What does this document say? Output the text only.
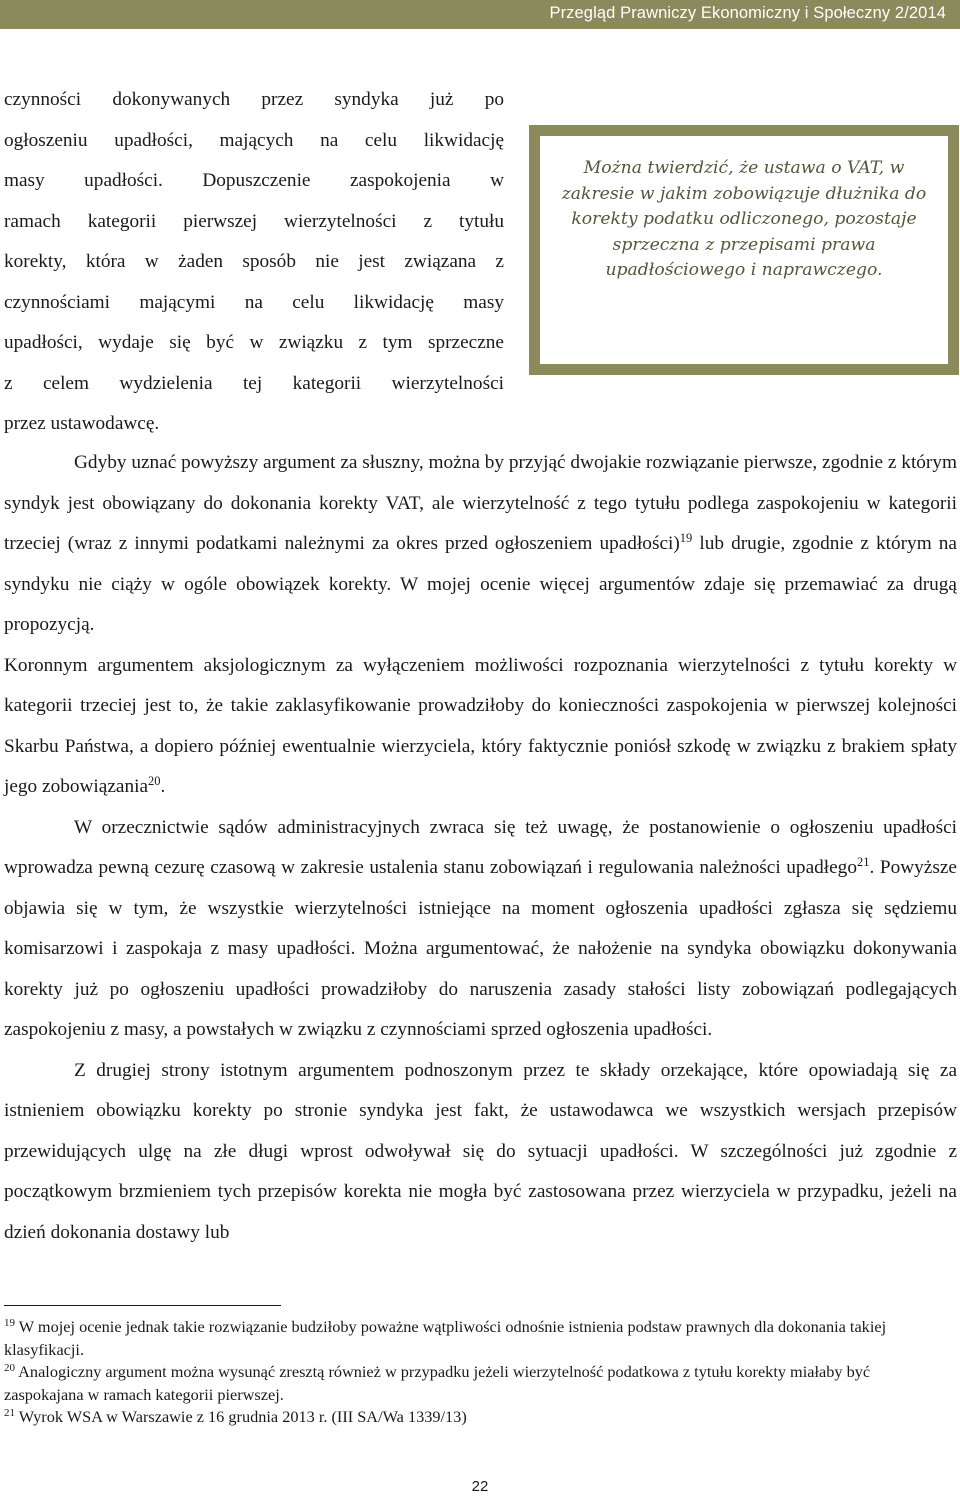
Przegląd Prawniczy Ekonomiczny i Społeczny 2/2014
czynności dokonywanych przez syndyka już po
ogłoszeniu upadłości, mających na celu likwidację
masy upadłości. Dopuszczenie zaspokojenia w
ramach kategorii pierwszej wierzytelności z tytułu
korekty, która w żaden sposób nie jest związana z
czynnościami mającymi na celu likwidację masy
upadłości, wydaje się być w związku z tym sprzeczne
z celem wydzielenia tej kategorii wierzytelności
przez ustawodawcę.
Można twierdzić, że ustawa o VAT, w zakresie w jakim zobowiązuje dłużnika do korekty podatku odliczonego, pozostaje sprzeczna z przepisami prawa upadłościowego i naprawczego.

Gdyby uznać powyższy argument za słuszny, można by przyjąć dwojakie rozwiązanie pierwsze, zgodnie z którym syndyk jest obowiązany do dokonania korekty VAT, ale wierzytelność z tego tytułu podlega zaspokojeniu w kategorii trzeciej (wraz z innymi podatkami należnymi za okres przed ogłoszeniem upadłości)$^{19}$ lub drugie, zgodnie z którym na syndyku nie ciąży w ogóle obowiązek korekty. W mojej ocenie więcej argumentów zdaje się przemawiać za drugą propozycją.

Koronnym argumentem aksjologicznym za wyłączeniem możliwości rozpoznania wierzytelności z tytułu korekty w kategorii trzeciej jest to, że takie zaklasyfikowanie prowadziłoby do konieczności zaspokojenia w pierwszej kolejności Skarbu Państwa, a dopiero później ewentualnie wierzyciela, który faktycznie poniósł szkodę w związku z brakiem spłaty jego zobowiązania$^{20}$.

W orzecznictwie sądów administracyjnych zwraca się też uwagę, że postanowienie o ogłoszeniu upadłości wprowadza pewną cezurę czasową w zakresie ustalenia stanu zobowiązań i regulowania należności upadłego$^{21}$. Powyższe objawia się w tym, że wszystkie wierzytelności istniejące na moment ogłoszenia upadłości zgłasza się sędziemu komisarzowi i zaspokaja z masy upadłości. Można argumentować, że nałożenie na syndyka obowiązku dokonywania korekty już po ogłoszeniu upadłości prowadziłoby do naruszenia zasady stałości listy zobowiązań podlegających zaspokojeniu z masy, a powstałych w związku z czynnościami sprzed ogłoszenia upadłości.

Z drugiej strony istotnym argumentem podnoszonym przez te składy orzekające, które opowiadają się za istnieniem obowiązku korekty po stronie syndyka jest fakt, że ustawodawca we wszystkich wersjach przepisów przewidujących ulgę na złe długi wprost odwoływał się do sytuacji upadłości. W szczególności już zgodnie z początkowym brzmieniem tych przepisów korekta nie mogła być zastosowana przez wierzyciela w przypadku, jeżeli na dzień dokonania dostawy lub

$^{19}$ W mojej ocenie jednak takie rozwiązanie budziłoby poważne wątpliwości odnośnie istnienia podstaw prawnych dla dokonania takiej klasyfikacji.

$^{20}$ Analogiczny argument można wysunąć zresztą również w przypadku jeżeli wierzytelność podatkowa z tytułu korekty miałaby być zaspokajana w ramach kategorii pierwszej.

$^{21}$ Wyrok WSA w Warszawie z 16 grudnia 2013 r. (III SA/Wa 1339/13)

22
